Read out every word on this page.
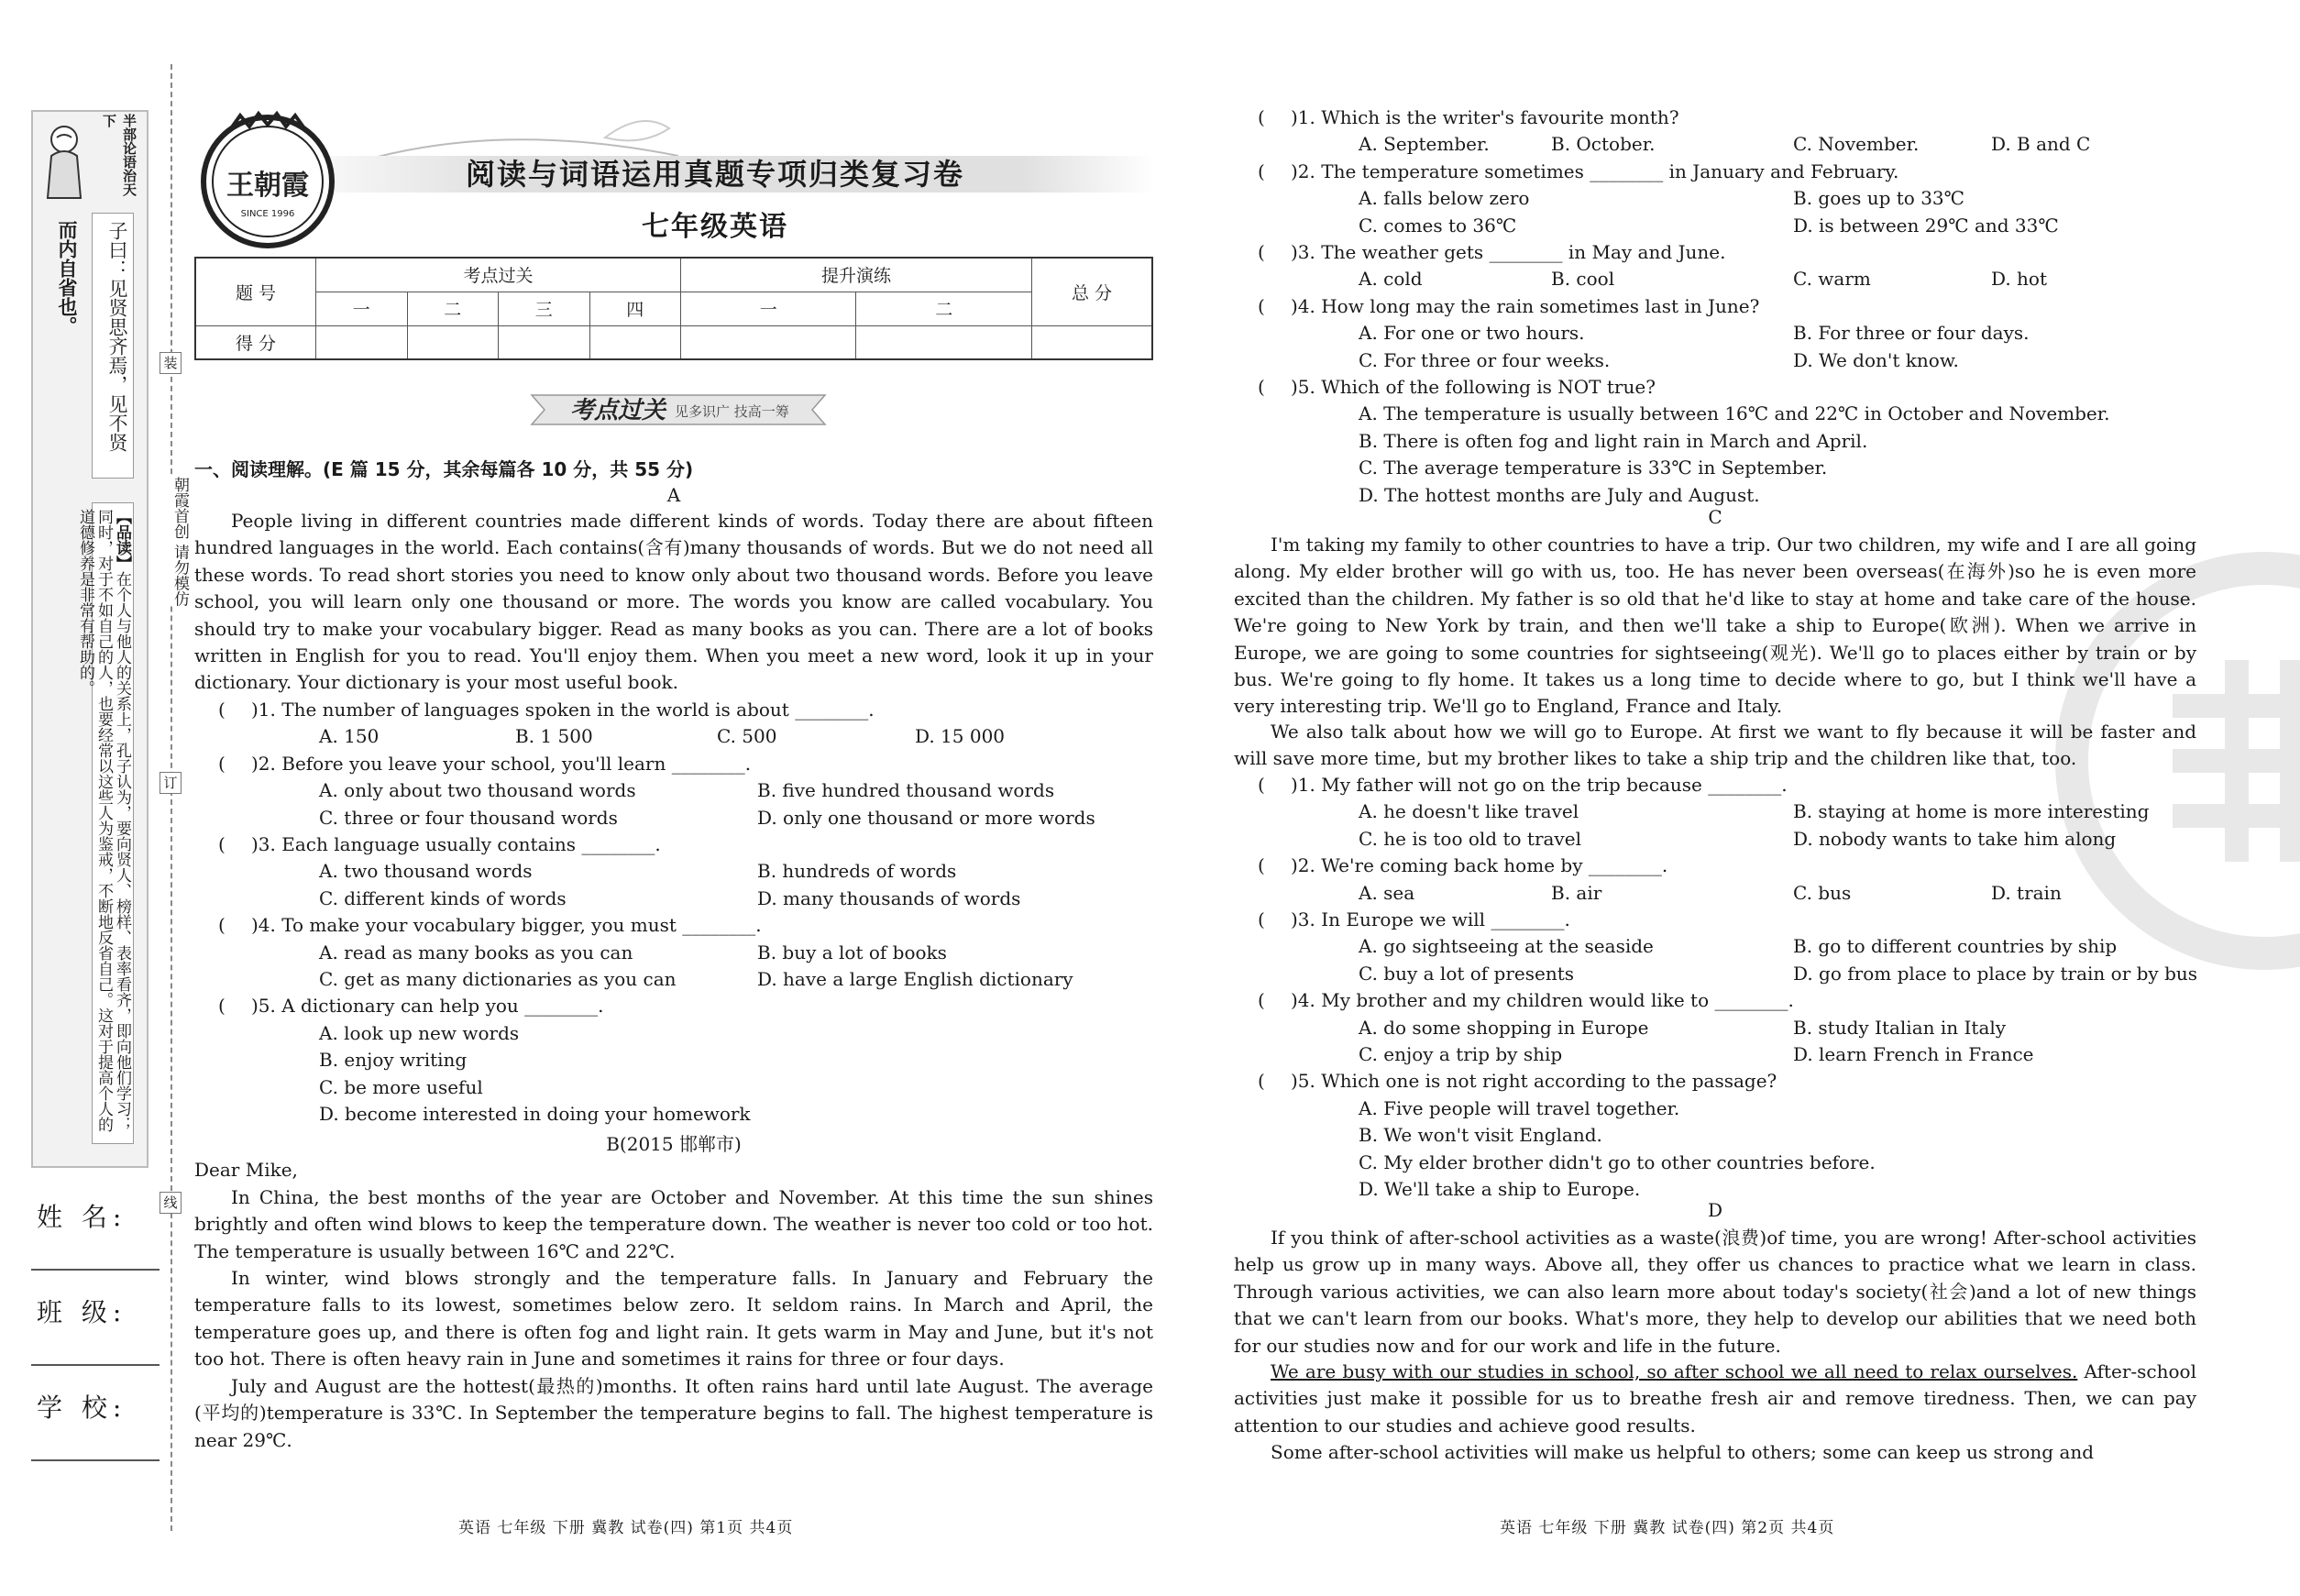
半部论语治天下
子曰：见贤思齐焉，见不贤
而内自省也。
【品读】在个人与他人的关系上，孔子认为，要向贤人、榜样、表率看齐，即向他们学习；同时，对于不如自己的人，也要经常以这些人为鉴戒，不断地反省自己。这对于提高个人的道德修养是非常有帮助的。
姓 名:
班 级:
学 校:
装
朝霞首创 请勿模仿
订
线
王朝霞
SINCE 1996
阅读与词语运用真题专项归类复习卷
七年级英语
题 号	考点过关				提升演练		总 分
	一	二	三	四	一	二	
得 分							
考点过关 见多识广 技高一筹
一、阅读理解。(E 篇 15 分，其余每篇各 10 分，共 55 分)
A
People living in different countries made different kinds of words. Today there are about fifteen hundred languages in the world. Each contains(含有)many thousands of words. But we do not need all these words. To read short stories you need to know only about two thousand words. Before you leave school, you will learn only one thousand or more. The words you know are called vocabulary. You should try to make your vocabulary bigger. Read as many books as you can. There are a lot of books written in English for you to read. You'll enjoy them. When you meet a new word, look it up in your dictionary. Your dictionary is your most useful book.
( )1. The number of languages spoken in the world is about ________.
A. 150	B. 1 500	C. 500	D. 15 000
( )2. Before you leave your school, you'll learn ________.
A. only about two thousand words	B. five hundred thousand words
C. three or four thousand words	D. only one thousand or more words
( )3. Each language usually contains ________.
A. two thousand words	B. hundreds of words
C. different kinds of words	D. many thousands of words
( )4. To make your vocabulary bigger, you must ________.
A. read as many books as you can	B. buy a lot of books
C. get as many dictionaries as you can	D. have a large English dictionary
( )5. A dictionary can help you ________.
A. look up new words
B. enjoy writing
C. be more useful
D. become interested in doing your homework
B(2015 邯郸市)
Dear Mike,
In China, the best months of the year are October and November. At this time the sun shines brightly and often wind blows to keep the temperature down. The weather is never too cold or too hot. The temperature is usually between 16℃ and 22℃.
In winter, wind blows strongly and the temperature falls. In January and February the temperature falls to its lowest, sometimes below zero. It seldom rains. In March and April, the temperature goes up, and there is often fog and light rain. It gets warm in May and June, but it's not too hot. There is often heavy rain in June and sometimes it rains for three or four days.
July and August are the hottest(最热的)months. It often rains hard until late August. The average (平均的)temperature is 33℃. In September the temperature begins to fall. The highest temperature is near 29℃.
英语 七年级 下册 冀教 试卷(四) 第1页 共4页
( )1. Which is the writer's favourite month?
A. September.	B. October.	C. November.	D. B and C
( )2. The temperature sometimes ________ in January and February.
A. falls below zero	B. goes up to 33℃
C. comes to 36℃	D. is between 29℃ and 33℃
( )3. The weather gets ________ in May and June.
A. cold	B. cool	C. warm	D. hot
( )4. How long may the rain sometimes last in June?
A. For one or two hours.	B. For three or four days.
C. For three or four weeks.	D. We don't know.
( )5. Which of the following is NOT true?
A. The temperature is usually between 16℃ and 22℃ in October and November.
B. There is often fog and light rain in March and April.
C. The average temperature is 33℃ in September.
D. The hottest months are July and August.
C
I'm taking my family to other countries to have a trip. Our two children, my wife and I are all going along. My elder brother will go with us, too. He has never been overseas(在海外)so he is even more excited than the children. My father is so old that he'd like to stay at home and take care of the house. We're going to New York by train, and then we'll take a ship to Europe(欧洲). When we arrive in Europe, we are going to some countries for sightseeing(观光). We'll go to places either by train or by bus. We're going to fly home. It takes us a long time to decide where to go, but I think we'll have a very interesting trip. We'll go to England, France and Italy.
We also talk about how we will go to Europe. At first we want to fly because it will be faster and will save more time, but my brother likes to take a ship trip and the children like that, too.
( )1. My father will not go on the trip because ________.
A. he doesn't like travel	B. staying at home is more interesting
C. he is too old to travel	D. nobody wants to take him along
( )2. We're coming back home by ________.
A. sea	B. air	C. bus	D. train
( )3. In Europe we will ________.
A. go sightseeing at the seaside	B. go to different countries by ship
C. buy a lot of presents	D. go from place to place by train or by bus
( )4. My brother and my children would like to ________.
A. do some shopping in Europe	B. study Italian in Italy
C. enjoy a trip by ship	D. learn French in France
( )5. Which one is not right according to the passage?
A. Five people will travel together.
B. We won't visit England.
C. My elder brother didn't go to other countries before.
D. We'll take a ship to Europe.
D
If you think of after-school activities as a waste(浪费)of time, you are wrong! After-school activities help us grow up in many ways. Above all, they offer us chances to practice what we learn in class. Through various activities, we can also learn more about today's society(社会)and a lot of new things that we can't learn from our books. What's more, they help to develop our abilities that we need both for our studies now and for our work and life in the future.
We are busy with our studies in school, so after school we all need to relax ourselves. After-school activities just make it possible for us to breathe fresh air and remove tiredness. Then, we can pay attention to our studies and achieve good results.
Some after-school activities will make us helpful to others; some can keep us strong and
英语 七年级 下册 冀教 试卷(四) 第2页 共4页
